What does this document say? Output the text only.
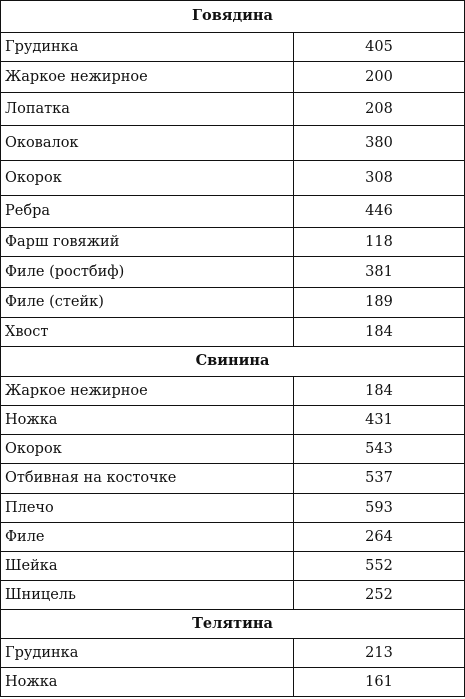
Говядина	
Грудинка	405
Жаркое нежирное	200
Лопатка	208
Оковалок	380
Окорок	308
Ребра	446
Фарш говяжий	118
Филе (ростбиф)	381
Филе (стейк)	189
Хвост	184
Свинина	
Жаркое нежирное	184
Ножка	431
Окорок	543
Отбивная на косточке	537
Плечо	593
Филе	264
Шейка	552
Шницель	252
Телятина	
Грудинка	213
Ножка	161
